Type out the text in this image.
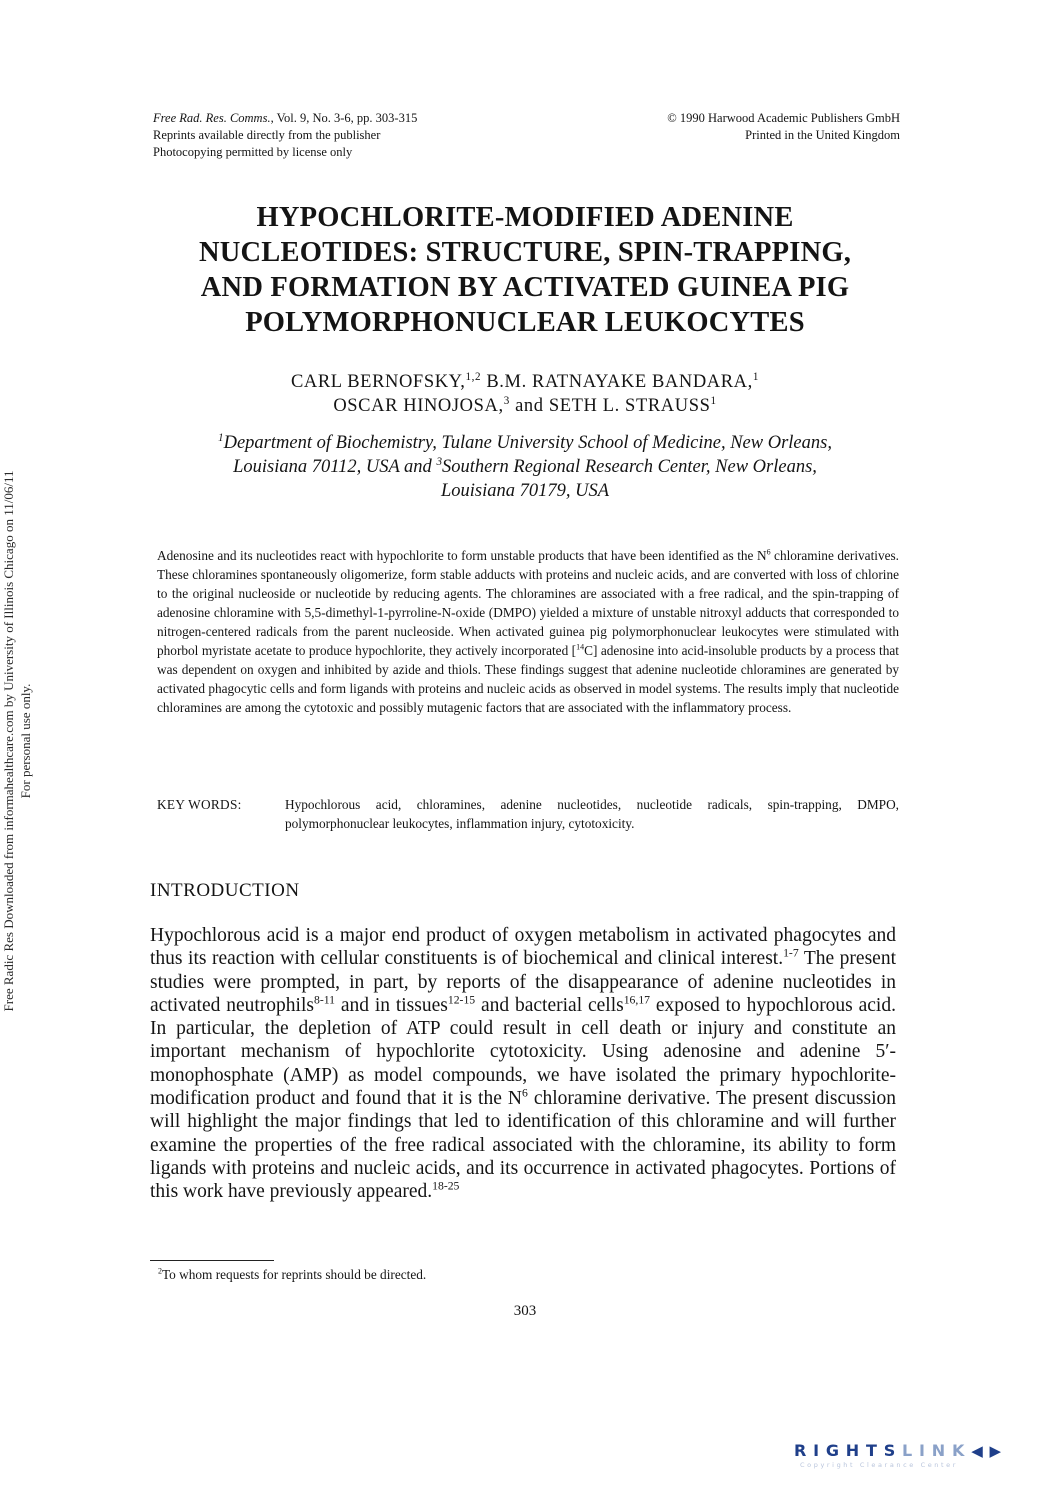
Free Rad. Res. Comms., Vol. 9, No. 3-6, pp. 303-315
Reprints available directly from the publisher
Photocopying permitted by license only
© 1990 Harwood Academic Publishers GmbH
Printed in the United Kingdom
HYPOCHLORITE-MODIFIED ADENINE
NUCLEOTIDES: STRUCTURE, SPIN-TRAPPING,
AND FORMATION BY ACTIVATED GUINEA PIG
POLYMORPHONUCLEAR LEUKOCYTES
CARL BERNOFSKY,$^{1,2}$ B.M. RATNAYAKE BANDARA,$^1$
OSCAR HINOJOSA,$^3$ and SETH L. STRAUSS$^1$
$^1$Department of Biochemistry, Tulane University School of Medicine, New Orleans,
Louisiana 70112, USA and $^3$Southern Regional Research Center, New Orleans,
Louisiana 70179, USA
Adenosine and its nucleotides react with hypochlorite to form unstable products that have been identified as the $N^6$ chloramine derivatives. These chloramines spontaneously oligomerize, form stable adducts with proteins and nucleic acids, and are converted with loss of chlorine to the original nucleoside or nucleotide by reducing agents. The chloramines are associated with a free radical, and the spin-trapping of adenosine chloramine with 5,5-dimethyl-1-pyrroline-N-oxide (DMPO) yielded a mixture of unstable nitroxyl adducts that corresponded to nitrogen-centered radicals from the parent nucleoside. When activated guinea pig polymorphonuclear leukocytes were stimulated with phorbol myristate acetate to produce hypochlorite, they actively incorporated [$^{14}$C] adenosine into acid-insoluble products by a process that was dependent on oxygen and inhibited by azide and thiols. These findings suggest that adenine nucleotide chloramines are generated by activated phagocytic cells and form ligands with proteins and nucleic acids as observed in model systems. The results imply that nucleotide chloramines are among the cytotoxic and possibly mutagenic factors that are associated with the inflammatory process.
KEY WORDS:	Hypochlorous acid, chloramines, adenine nucleotides, nucleotide radicals, spin-trapping, DMPO, polymorphonuclear leukocytes, inflammation injury, cytotoxicity.
INTRODUCTION
Hypochlorous acid is a major end product of oxygen metabolism in activated phagocytes and thus its reaction with cellular constituents is of biochemical and clinical interest.$^{1-7}$ The present studies were prompted, in part, by reports of the disappearance of adenine nucleotides in activated neutrophils$^{8-11}$ and in tissues$^{12-15}$ and bacterial cells$^{16,17}$ exposed to hypochlorous acid. In particular, the depletion of ATP could result in cell death or injury and constitute an important mechanism of hypochlorite cytotoxicity. Using adenosine and adenine 5′-monophosphate (AMP) as model compounds, we have isolated the primary hypochlorite-modification product and found that it is the $N^6$ chloramine derivative. The present discussion will highlight the major findings that led to identification of this chloramine and will further examine the properties of the free radical associated with the chloramine, its ability to form ligands with proteins and nucleic acids, and its occurrence in activated phagocytes. Portions of this work have previously appeared.$^{18-25}$
$^2$To whom requests for reprints should be directed.
303
Free Radic Res Downloaded from informahealthcare.com by University of Illinois Chicago on 11/06/11 For personal use only.
RIGHTSLINK◀▶
Copyright Clearance Center
